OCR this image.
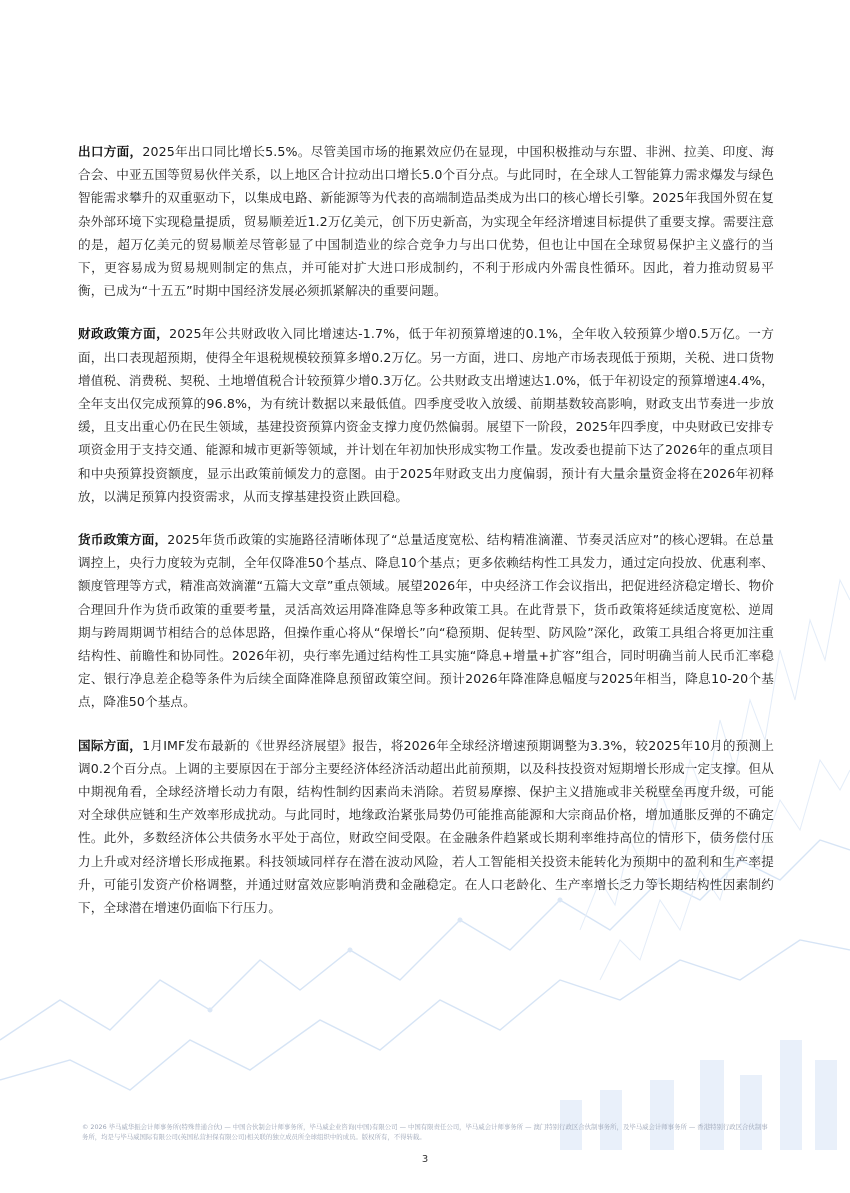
出口方面，2025年出口同比增长5.5%。尽管美国市场的拖累效应仍在显现，中国积极推动与东盟、非洲、拉美、印度、海合会、中亚五国等贸易伙伴关系，以上地区合计拉动出口增长5.0个百分点。与此同时，在全球人工智能算力需求爆发与绿色智能需求攀升的双重驱动下，以集成电路、新能源等为代表的高端制造品类成为出口的核心增长引擎。2025年我国外贸在复杂外部环境下实现稳量提质，贸易顺差近1.2万亿美元，创下历史新高，为实现全年经济增速目标提供了重要支撑。需要注意的是，超万亿美元的贸易顺差尽管彰显了中国制造业的综合竞争力与出口优势，但也让中国在全球贸易保护主义盛行的当下，更容易成为贸易规则制定的焦点，并可能对扩大进口形成制约，不利于形成内外需良性循环。因此，着力推动贸易平衡，已成为“十五五”时期中国经济发展必须抓紧解决的重要问题。

财政政策方面，2025年公共财政收入同比增速达-1.7%，低于年初预算增速的0.1%，全年收入较预算少增0.5万亿。一方面，出口表现超预期，使得全年退税规模较预算多增0.2万亿。另一方面，进口、房地产市场表现低于预期，关税、进口货物增值税、消费税、契税、土地增值税合计较预算少增0.3万亿。公共财政支出增速达1.0%，低于年初设定的预算增速4.4%，全年支出仅完成预算的96.8%，为有统计数据以来最低值。四季度受收入放缓、前期基数较高影响，财政支出节奏进一步放缓，且支出重心仍在民生领域，基建投资预算内资金支撑力度仍然偏弱。展望下一阶段，2025年四季度，中央财政已安排专项资金用于支持交通、能源和城市更新等领域，并计划在年初加快形成实物工作量。发改委也提前下达了2026年的重点项目和中央预算投资额度，显示出政策前倾发力的意图。由于2025年财政支出力度偏弱，预计有大量余量资金将在2026年初释放，以满足预算内投资需求，从而支撑基建投资止跌回稳。

货币政策方面，2025年货币政策的实施路径清晰体现了“总量适度宽松、结构精准滴灌、节奏灵活应对”的核心逻辑。在总量调控上，央行力度较为克制，全年仅降准50个基点、降息10个基点；更多依赖结构性工具发力，通过定向投放、优惠利率、额度管理等方式，精准高效滴灌“五篇大文章”重点领域。展望2026年，中央经济工作会议指出，把促进经济稳定增长、物价合理回升作为货币政策的重要考量，灵活高效运用降准降息等多种政策工具。在此背景下，货币政策将延续适度宽松、逆周期与跨周期调节相结合的总体思路，但操作重心将从“保增长”向“稳预期、促转型、防风险”深化，政策工具组合将更加注重结构性、前瞻性和协同性。2026年初，央行率先通过结构性工具实施“降息+增量+扩容”组合，同时明确当前人民币汇率稳定、银行净息差企稳等条件为后续全面降准降息预留政策空间。预计2026年降准降息幅度与2025年相当，降息10-20个基点，降准50个基点。

国际方面，1月IMF发布最新的《世界经济展望》报告，将2026年全球经济增速预期调整为3.3%，较2025年10月的预测上调0.2个百分点。上调的主要原因在于部分主要经济体经济活动超出此前预期，以及科技投资对短期增长形成一定支撑。但从中期视角看，全球经济增长动力有限，结构性制约因素尚未消除。若贸易摩擦、保护主义措施或非关税壁垒再度升级，可能对全球供应链和生产效率形成扰动。与此同时，地缘政治紧张局势仍可能推高能源和大宗商品价格，增加通胀反弹的不确定性。此外，多数经济体公共债务水平处于高位，财政空间受限。在金融条件趋紧或长期利率维持高位的情形下，债务偿付压力上升或对经济增长形成拖累。科技领域同样存在潜在波动风险，若人工智能相关投资未能转化为预期中的盈利和生产率提升，可能引发资产价格调整，并通过财富效应影响消费和金融稳定。在人口老龄化、生产率增长乏力等长期结构性因素制约下，全球潜在增速仍面临下行压力。

© 2026 毕马威华振会计师事务所(特殊普通合伙) — 中国合伙制会计师事务所，毕马威企业咨询(中国)有限公司 — 中国有限责任公司，毕马威会计师事务所 — 澳门特别行政区合伙制事务所，及毕马威会计师事务所 — 香港特别行政区合伙制事务所，均是与毕马威国际有限公司(英国私营担保有限公司)相关联的独立成员所全球组织中的成员。版权所有，不得转载。
3
